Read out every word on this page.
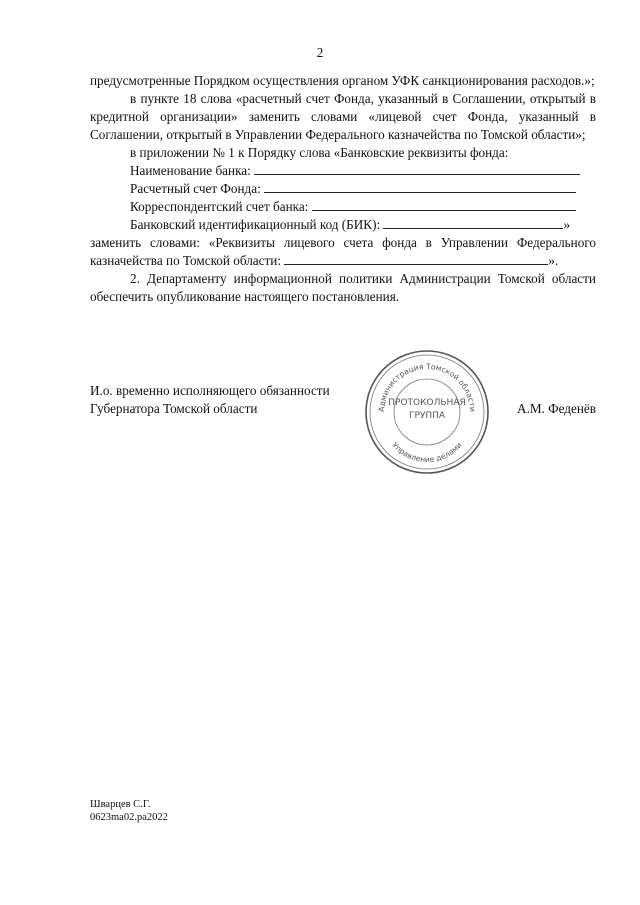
2

предусмотренные Порядком осуществления органом УФК санкционирования расходов.»;

в пункте 18 слова «расчетный счет Фонда, указанный в Соглашении, открытый в кредитной организации» заменить словами «лицевой счет Фонда, указанный в Соглашении, открытый в Управлении Федерального казначейства по Томской области»;

в приложении № 1 к Порядку слова «Банковские реквизиты фонда:

Наименование банка:
Расчетный счет Фонда:
Корреспондентский счет банка:
Банковский идентификационный код (БИК):	»

заменить словами: «Реквизиты лицевого счета фонда в Управлении Федерального казначейства по Томской области:	».

2. Департаменту информационной политики Администрации Томской области обеспечить опубликование настоящего постановления.

И.о. временно исполняющего обязанности
Губернатора Томской области	А.М. Феденёв
Администрация Томской области
Управление делами
ПРОТОКОЛЬНАЯ
ГРУППА
Шварцев С.Г.
0623ma02.pa2022
